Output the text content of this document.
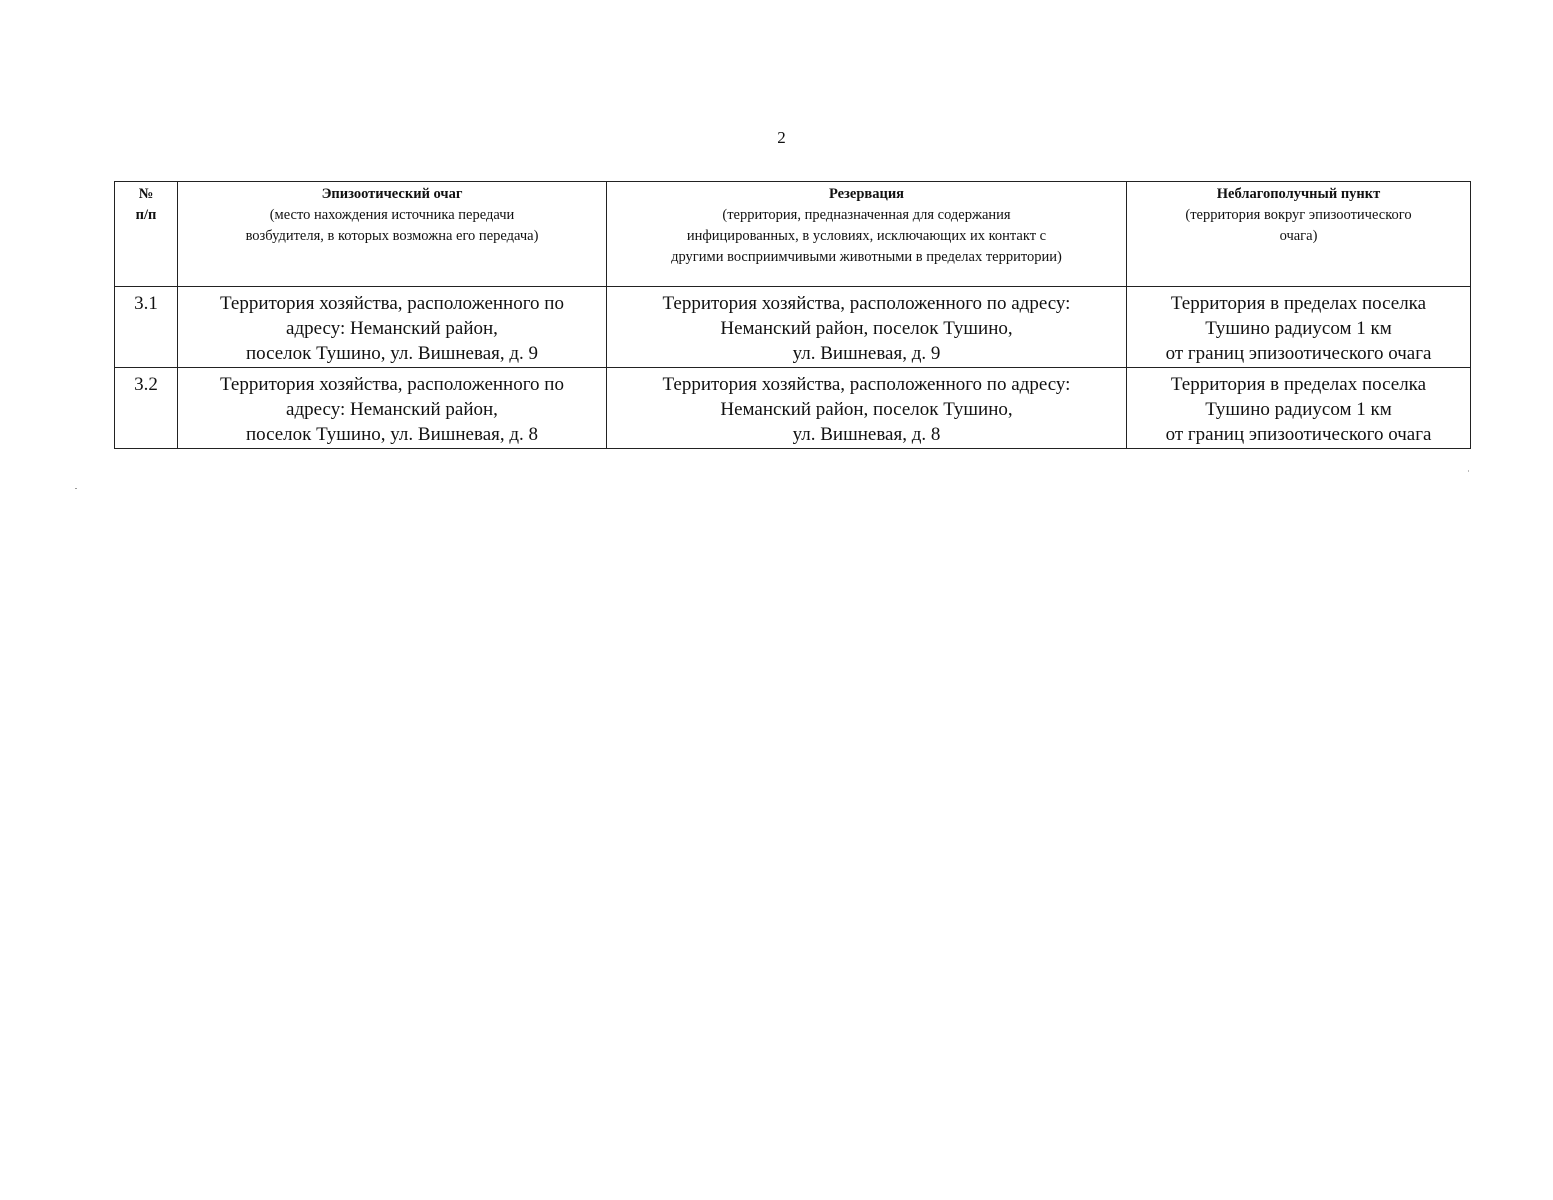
2
№
п/п	Эпизоотический очаг
(место нахождения источника передачи
возбудителя, в которых возможна его передача)	Резервация
(территория, предназначенная для содержания
инфицированных, в условиях, исключающих их контакт с
другими восприимчивыми животными в пределах территории)	Неблагополучный пункт
(территория вокруг эпизоотического
очага)

3.1	Территория хозяйства, расположенного по
адресу: Неманский район,
поселок Тушино, ул. Вишневая, д. 9	Территория хозяйства, расположенного по адресу:
Неманский район, поселок Тушино,
ул. Вишневая, д. 9	Территория в пределах поселка
Тушино радиусом 1 км
от границ эпизоотического очага

3.2	Территория хозяйства, расположенного по
адресу: Неманский район,
поселок Тушино, ул. Вишневая, д. 8	Территория хозяйства, расположенного по адресу:
Неманский район, поселок Тушино,
ул. Вишневая, д. 8	Территория в пределах поселка
Тушино радиусом 1 км
от границ эпизоотического очага
